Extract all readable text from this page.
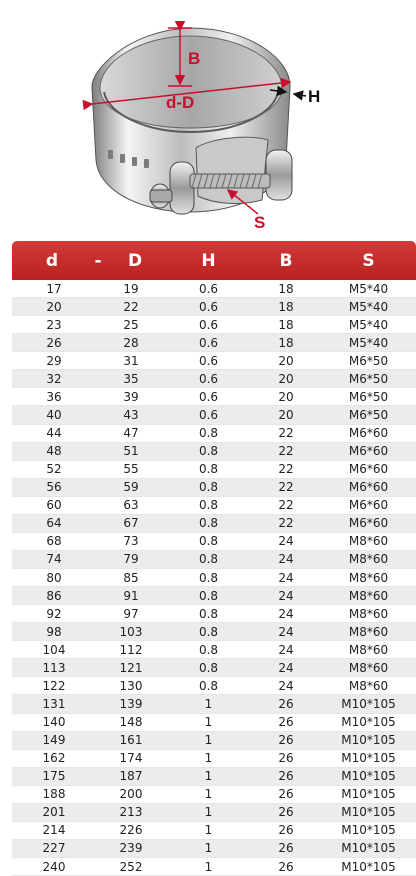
B
d-D	H
S
d	-	D	H	B	S
17	19	0.6	18	M5*40
20	22	0.6	18	M5*40
23	25	0.6	18	M5*40
26	28	0.6	18	M5*40
29	31	0.6	20	M6*50
32	35	0.6	20	M6*50
36	39	0.6	20	M6*50
40	43	0.6	20	M6*50
44	47	0.8	22	M6*60
48	51	0.8	22	M6*60
52	55	0.8	22	M6*60
56	59	0.8	22	M6*60
60	63	0.8	22	M6*60
64	67	0.8	22	M6*60
68	73	0.8	24	M8*60
74	79	0.8	24	M8*60
80	85	0.8	24	M8*60
86	91	0.8	24	M8*60
92	97	0.8	24	M8*60
98	103	0.8	24	M8*60
104	112	0.8	24	M8*60
113	121	0.8	24	M8*60
122	130	0.8	24	M8*60
131	139	1	26	M10*105
140	148	1	26	M10*105
149	161	1	26	M10*105
162	174	1	26	M10*105
175	187	1	26	M10*105
188	200	1	26	M10*105
201	213	1	26	M10*105
214	226	1	26	M10*105
227	239	1	26	M10*105
240	252	1	26	M10*105
